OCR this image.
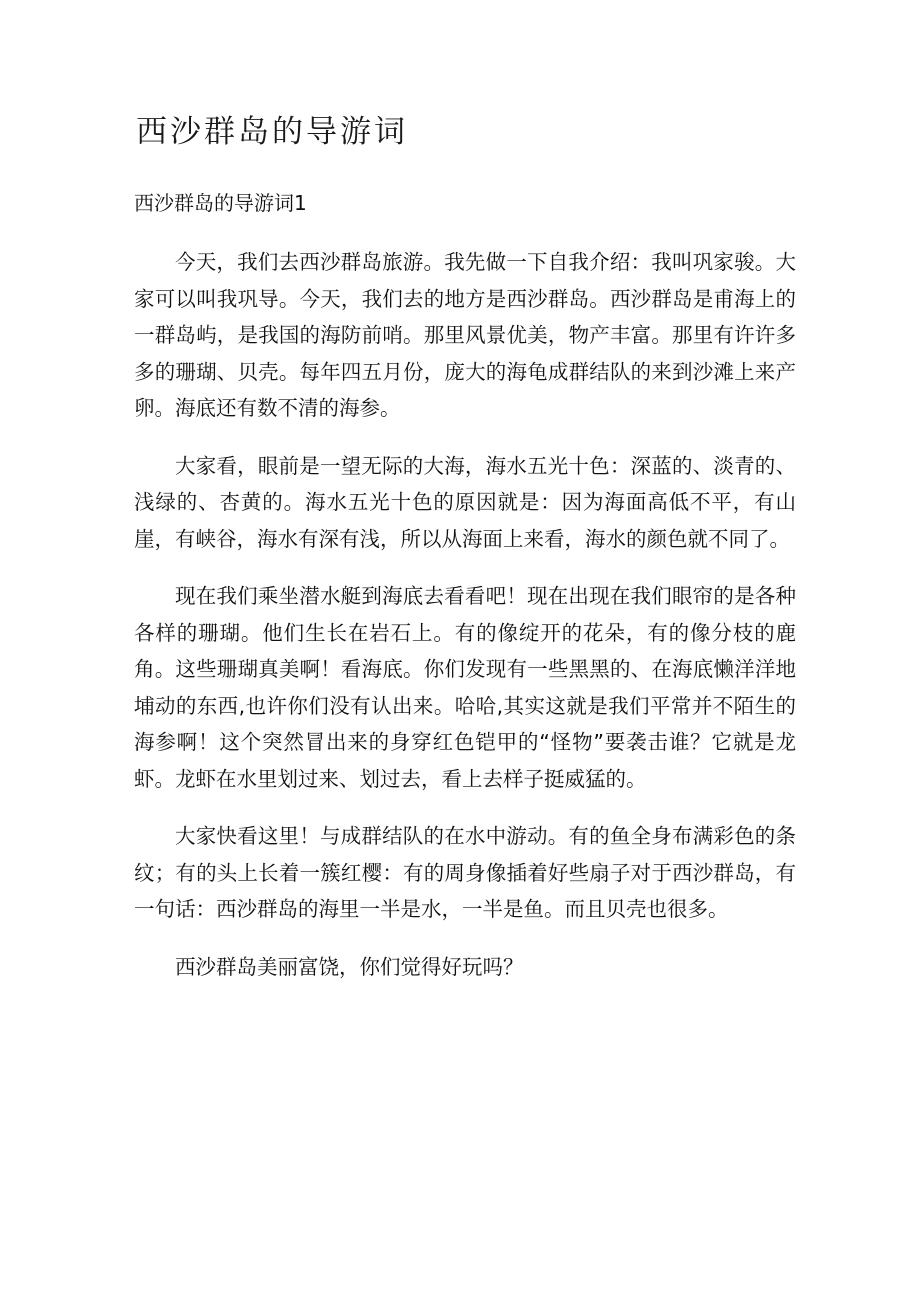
西沙群岛的导游词
西沙群岛的导游词1

今天，我们去西沙群岛旅游。我先做一下自我介绍：我叫巩家骏。大家可以叫我巩导。今天，我们去的地方是西沙群岛。西沙群岛是甫海上的一群岛屿，是我国的海防前哨。那里风景优美，物产丰富。那里有许许多多的珊瑚、贝壳。每年四五月份，庞大的海龟成群结队的来到沙滩上来产卵。海底还有数不清的海参。

大家看，眼前是一望无际的大海，海水五光十色：深蓝的、淡青的、浅绿的、杏黄的。海水五光十色的原因就是：因为海面高低不平，有山崖，有峡谷，海水有深有浅，所以从海面上来看，海水的颜色就不同了。

现在我们乘坐潜水艇到海底去看看吧！现在出现在我们眼帘的是各种各样的珊瑚。他们生长在岩石上。有的像绽开的花朵，有的像分枝的鹿角。这些珊瑚真美啊！看海底。你们发现有一些黑黑的、在海底懒洋洋地埔动的东西,也许你们没有认出来。哈哈,其实这就是我们平常并不陌生的海参啊！这个突然冒出来的身穿红色铠甲的“怪物”要袭击谁？它就是龙虾。龙虾在水里划过来、划过去，看上去样子挺威猛的。

大家快看这里！与成群结队的在水中游动。有的鱼全身布满彩色的条纹；有的头上长着一簇红樱：有的周身像插着好些扇子对于西沙群岛，有一句话：西沙群岛的海里一半是水，一半是鱼。而且贝壳也很多。

西沙群岛美丽富饶，你们觉得好玩吗？
